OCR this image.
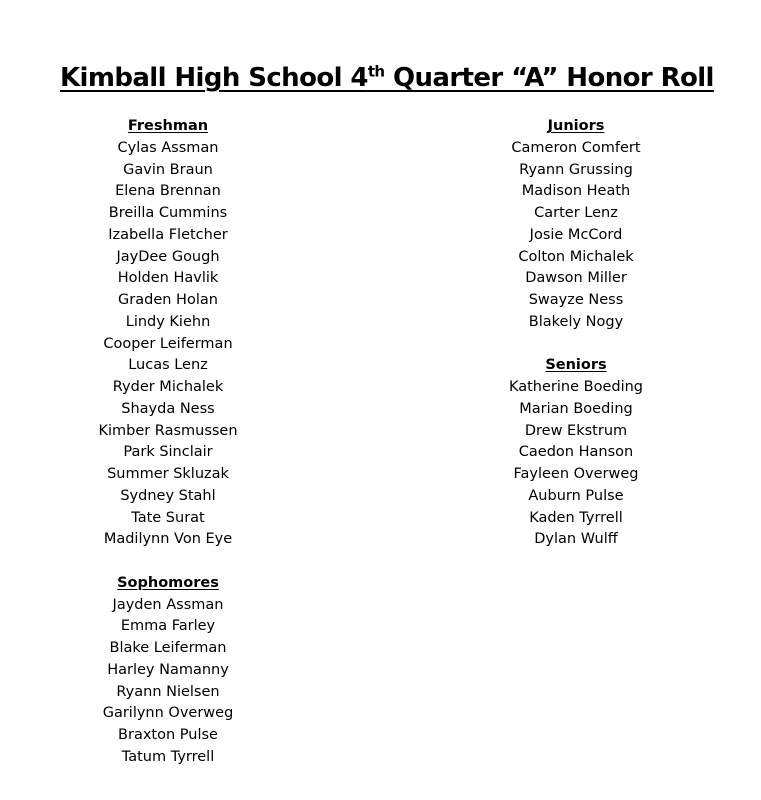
Kimball High School 4th Quarter “A” Honor Roll
Freshman
Cylas Assman
Gavin Braun
Elena Brennan
Breilla Cummins
Izabella Fletcher
JayDee Gough
Holden Havlik
Graden Holan
Lindy Kiehn
Cooper Leiferman
Lucas Lenz
Ryder Michalek
Shayda Ness
Kimber Rasmussen
Park Sinclair
Summer Skluzak
Sydney Stahl
Tate Surat
Madilynn Von Eye
Sophomores
Jayden Assman
Emma Farley
Blake Leiferman
Harley Namanny
Ryann Nielsen
Garilynn Overweg
Braxton Pulse
Tatum Tyrrell
Juniors
Cameron Comfert
Ryann Grussing
Madison Heath
Carter Lenz
Josie McCord
Colton Michalek
Dawson Miller
Swayze Ness
Blakely Nogy
Seniors
Katherine Boeding
Marian Boeding
Drew Ekstrum
Caedon Hanson
Fayleen Overweg
Auburn Pulse
Kaden Tyrrell
Dylan Wulff
